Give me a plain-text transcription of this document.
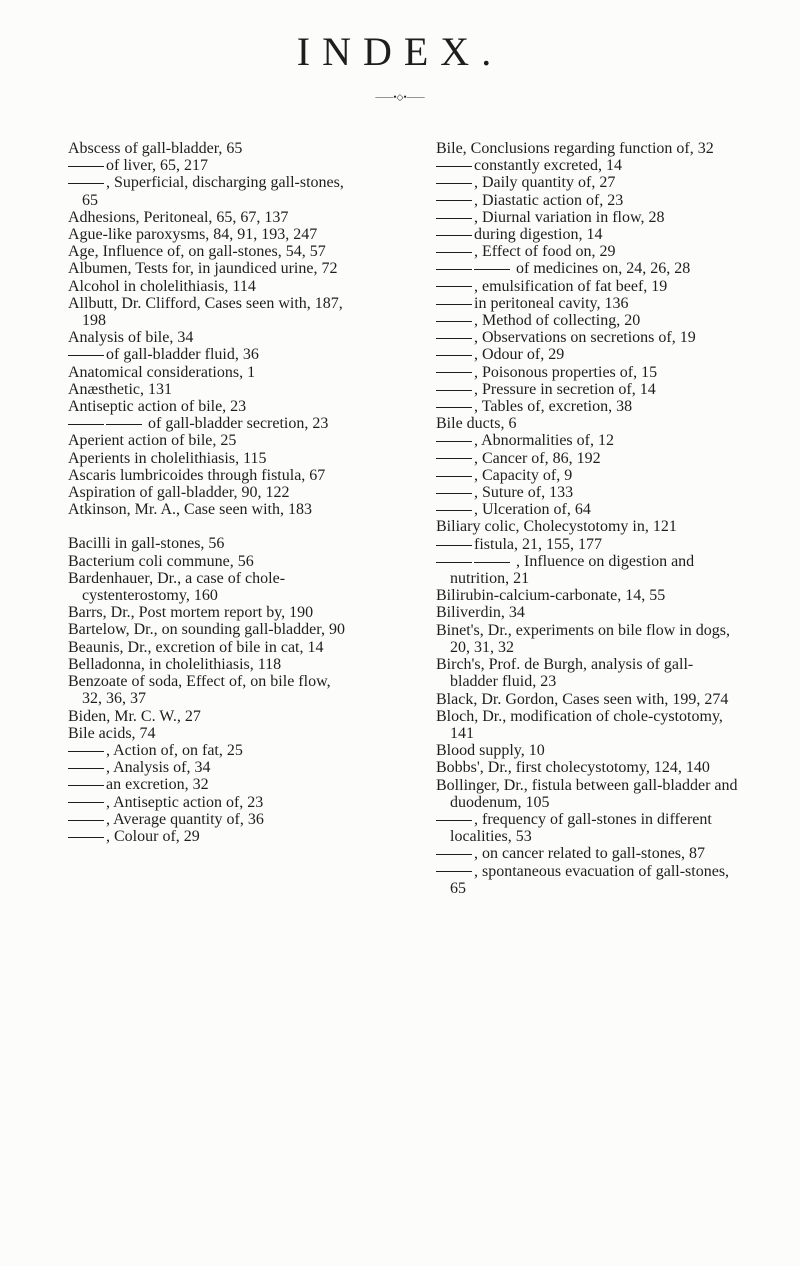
INDEX.
——•◇•——
Abscess of gall-bladder, 65
of liver, 65, 217
, Superficial, discharging gall-stones, 65
Adhesions, Peritoneal, 65, 67, 137
Ague-like paroxysms, 84, 91, 193, 247
Age, Influence of, on gall-stones, 54, 57
Albumen, Tests for, in jaundiced urine, 72
Alcohol in cholelithiasis, 114
Allbutt, Dr. Clifford, Cases seen with, 187, 198
Analysis of bile, 34
of gall-bladder fluid, 36
Anatomical considerations, 1
Anæsthetic, 131
Antiseptic action of bile, 23
of gall-bladder secretion, 23
Aperient action of bile, 25
Aperients in cholelithiasis, 115
Ascaris lumbricoides through fistula, 67
Aspiration of gall-bladder, 90, 122
Atkinson, Mr. A., Case seen with, 183
Bacilli in gall-stones, 56
Bacterium coli commune, 56
Bardenhauer, Dr., a case of chole-cystenterostomy, 160
Barrs, Dr., Post mortem report by, 190
Bartelow, Dr., on sounding gall-bladder, 90
Beaunis, Dr., excretion of bile in cat, 14
Belladonna, in cholelithiasis, 118
Benzoate of soda, Effect of, on bile flow, 32, 36, 37
Biden, Mr. C. W., 27
Bile acids, 74
, Action of, on fat, 25
, Analysis of, 34
an excretion, 32
, Antiseptic action of, 23
, Average quantity of, 36
, Colour of, 29
Bile, Conclusions regarding function of, 32
constantly excreted, 14
, Daily quantity of, 27
, Diastatic action of, 23
, Diurnal variation in flow, 28
during digestion, 14
, Effect of food on, 29
of medicines on, 24, 26, 28
, emulsification of fat beef, 19
in peritoneal cavity, 136
, Method of collecting, 20
, Observations on secretions of, 19
, Odour of, 29
, Poisonous properties of, 15
, Pressure in secretion of, 14
, Tables of, excretion, 38
Bile ducts, 6
, Abnormalities of, 12
, Cancer of, 86, 192
, Capacity of, 9
, Suture of, 133
, Ulceration of, 64
Biliary colic, Cholecystotomy in, 121
fistula, 21, 155, 177
, Influence on digestion and nutrition, 21
Bilirubin-calcium-carbonate, 14, 55
Biliverdin, 34
Binet's, Dr., experiments on bile flow in dogs, 20, 31, 32
Birch's, Prof. de Burgh, analysis of gall-bladder fluid, 23
Black, Dr. Gordon, Cases seen with, 199, 274
Bloch, Dr., modification of chole-cystotomy, 141
Blood supply, 10
Bobbs', Dr., first cholecystotomy, 124, 140
Bollinger, Dr., fistula between gall-bladder and duodenum, 105
, frequency of gall-stones in different localities, 53
, on cancer related to gall-stones, 87
, spontaneous evacuation of gall-stones, 65
